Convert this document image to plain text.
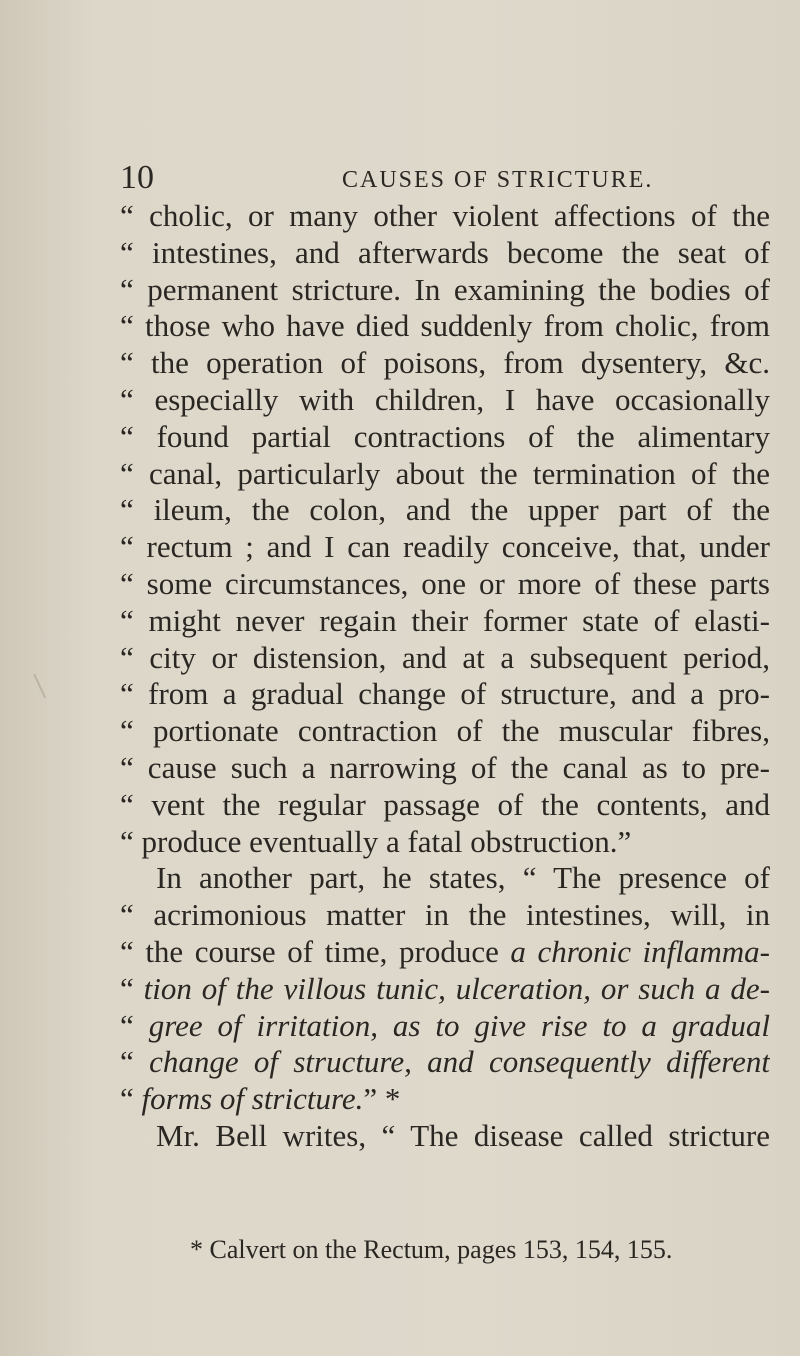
10	CAUSES OF STRICTURE.
“ cholic, or many other violent affections of the
“ intestines, and afterwards become the seat of
“ permanent stricture. In examining the bodies of
“ those who have died suddenly from cholic, from
“ the operation of poisons, from dysentery, &c.
“ especially with children, I have occasionally
“ found partial contractions of the alimentary
“ canal, particularly about the termination of the
“ ileum, the colon, and the upper part of the
“ rectum ; and I can readily conceive, that, under
“ some circumstances, one or more of these parts
“ might never regain their former state of elasti-
“ city or distension, and at a subsequent period,
“ from a gradual change of structure, and a pro-
“ portionate contraction of the muscular fibres,
“ cause such a narrowing of the canal as to pre-
“ vent the regular passage of the contents, and
“ produce eventually a fatal obstruction.”
In another part, he states, “ The presence of
“ acrimonious matter in the intestines, will, in
“ the course of time, produce a chronic inflamma-
“ tion of the villous tunic, ulceration, or such a de-
“ gree of irritation, as to give rise to a gradual
“ change of structure, and consequently different
“ forms of stricture.” *
Mr. Bell writes, “ The disease called stricture
* Calvert on the Rectum, pages 153, 154, 155.
